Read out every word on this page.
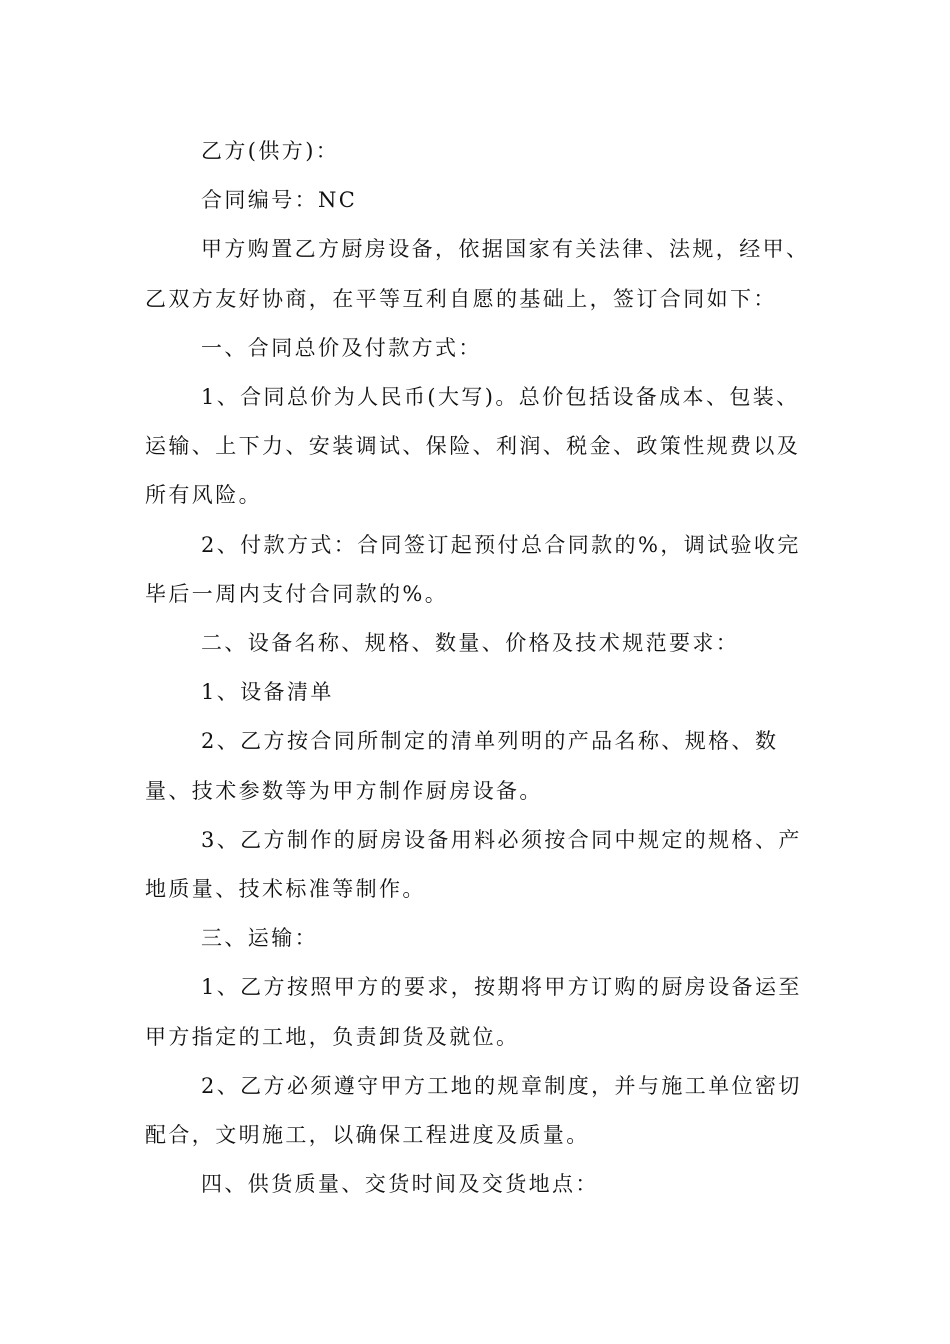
乙方(供方)：

合同编号：NC

甲方购置乙方厨房设备，依据国家有关法律、法规，经甲、乙双方友好协商，在平等互利自愿的基础上，签订合同如下：

一、合同总价及付款方式：

1、合同总价为人民币(大写)。总价包括设备成本、包装、运输、上下力、安装调试、保险、利润、税金、政策性规费以及所有风险。

2、付款方式：合同签订起预付总合同款的%，调试验收完毕后一周内支付合同款的%。

二、设备名称、规格、数量、价格及技术规范要求：

1、设备清单

2、乙方按合同所制定的清单列明的产品名称、规格、数量、技术参数等为甲方制作厨房设备。

3、乙方制作的厨房设备用料必须按合同中规定的规格、产地质量、技术标准等制作。

三、运输：

1、乙方按照甲方的要求，按期将甲方订购的厨房设备运至甲方指定的工地，负责卸货及就位。

2、乙方必须遵守甲方工地的规章制度，并与施工单位密切配合，文明施工，以确保工程进度及质量。

四、供货质量、交货时间及交货地点：
